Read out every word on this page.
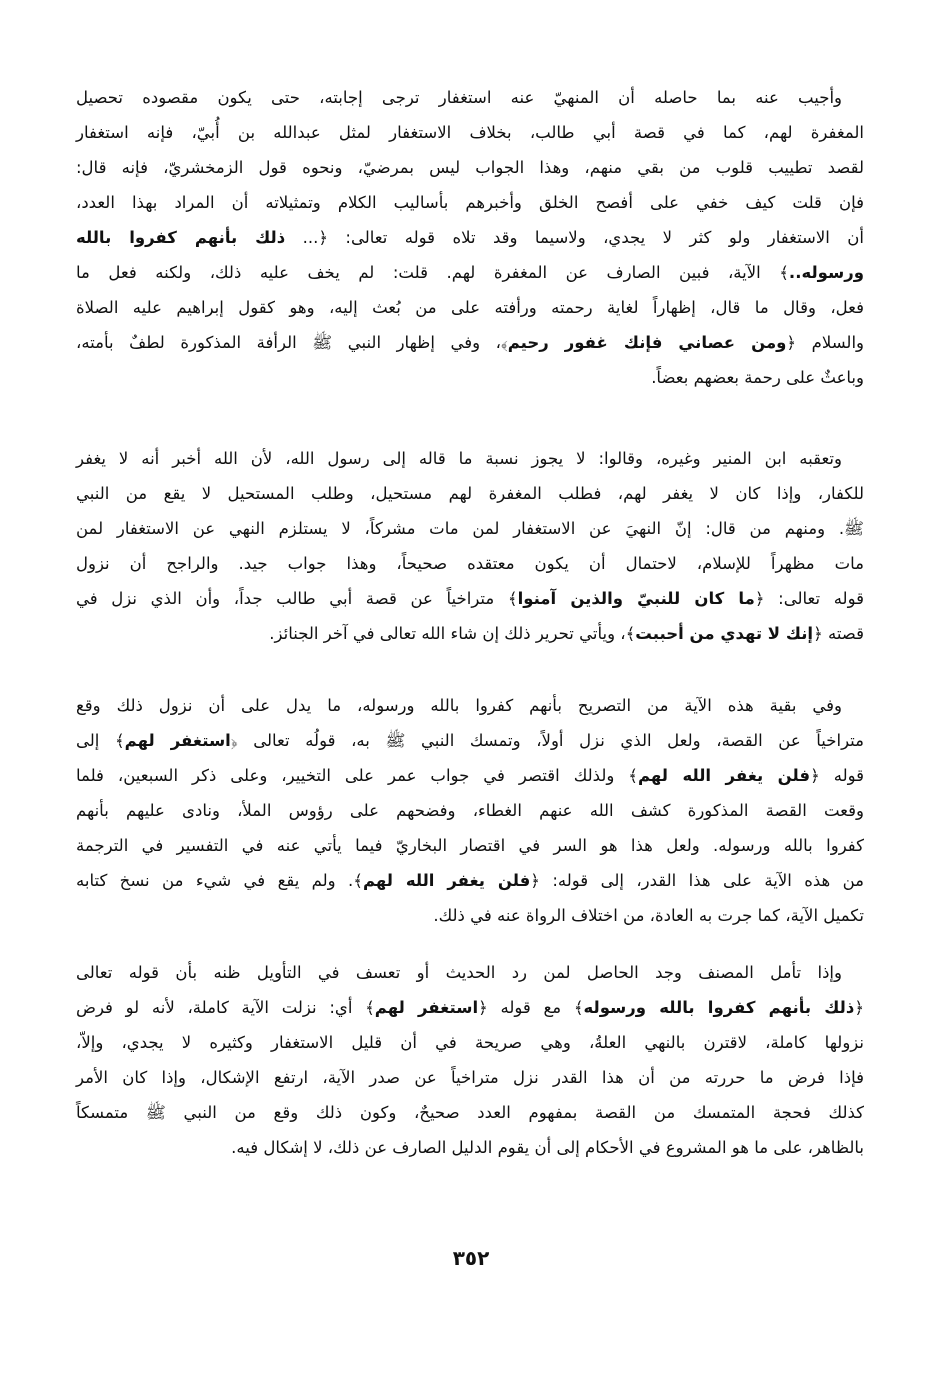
وأجيب عنه بما حاصله أن المنهيّ عنه استغفار ترجى إجابته، حتى يكون مقصوده تحصيل
المغفرة لهم، كما في قصة أبي طالب، بخلاف الاستغفار لمثل عبدالله بن أُبيّ، فإنه استغفار
لقصد تطييب قلوب من بقي منهم، وهذا الجواب ليس بمرضيّ، ونحوه قول الزمخشريّ، فإنه قال:
فإن قلت كيف خفي على أفصح الخلق وأخبرهم بأساليب الكلام وتمثيلاته أن المراد بهذا العدد،
أن الاستغفار ولو كثر لا يجدي، ولاسيما وقد تلاه قوله تعالى: ﴿... ذلك بأنهم كفروا بالله
ورسوله..﴾ الآية، فبين الصارف عن المغفرة لهم. قلت: لم يخف عليه ذلك، ولكنه فعل ما
فعل، وقال ما قال، إظهاراً لغاية رحمته ورأفته على من بُعث إليه، وهو كقول إبراهيم عليه الصلاة
والسلام ﴿ومن عصاني فإنك غفور رحيم﴾، وفي إظهار النبي ﷺ الرأفة المذكورة لطفٌ بأمته،
وباعثٌ على رحمة بعضهم بعضاً.
وتعقبه ابن المنير وغيره، وقالوا: لا يجوز نسبة ما قاله إلى رسول الله، لأن الله أخبر أنه لا يغفر
للكفار، وإذا كان لا يغفر لهم، فطلب المغفرة لهم مستحيل، وطلب المستحيل لا يقع من النبي
ﷺ. ومنهم من قال: إنّ النهيَ عن الاستغفار لمن مات مشركاً، لا يستلزم النهي عن الاستغفار لمن
مات مظهراً للإسلام، لاحتمال أن يكون معتقده صحيحاً، وهذا جواب جيد. والراجح أن نزول
قوله تعالى: ﴿ما كان للنبيّ والذين آمنوا﴾ متراخياً عن قصة أبي طالب جداً، وأن الذي نزل في
قصته ﴿إنك لا تهدي من أحببت﴾، ويأتي تحرير ذلك إن شاء الله تعالى في آخر الجنائز.
وفي بقية هذه الآية من التصريح بأنهم كفروا بالله ورسوله، ما يدل على أن نزول ذلك وقع
متراخياً عن القصة، ولعل الذي نزل أولاً، وتمسك النبي ﷺ به، قولُه تعالى ﴿استغفر لهم﴾ إلى
قوله ﴿فلن يغفر الله لهم﴾ ولذلك اقتصر في جواب عمر على التخيير، وعلى ذكر السبعين، فلما
وقعت القصة المذكورة كشف الله عنهم الغطاء، وفضحهم على رؤوس الملأ، ونادى عليهم بأنهم
كفروا بالله ورسوله. ولعل هذا هو السر في اقتصار البخاريّ فيما يأتي عنه في التفسير في الترجمة
من هذه الآية على هذا القدر، إلى قوله: ﴿فلن يغفر الله لهم﴾. ولم يقع في شيء من نسخ كتابه
تكميل الآية، كما جرت به العادة، من اختلاف الرواة عنه في ذلك.
وإذا تأمل المصنف وجد الحاصل لمن رد الحديث أو تعسف في التأويل ظنه بأن قوله تعالى
﴿ذلك بأنهم كفروا بالله ورسوله﴾ مع قوله ﴿استغفر لهم﴾ أي: نزلت الآية كاملة، لأنه لو فرض
نزولها كاملة، لاقترن بالنهي العلةُ، وهي صريحة في أن قليل الاستغفار وكثيره لا يجدي، وإلاّ،
فإذا فرض ما حررته من أن هذا القدر نزل متراخياً عن صدر الآية، ارتفع الإشكال، وإذا كان الأمر
كذلك فحجة المتمسك من القصة بمفهوم العدد صحيحٌ، وكون ذلك وقع من النبي ﷺ متمسكاً
بالظاهر، على ما هو المشروع في الأحكام إلى أن يقوم الدليل الصارف عن ذلك، لا إشكال فيه.
٣٥٢
